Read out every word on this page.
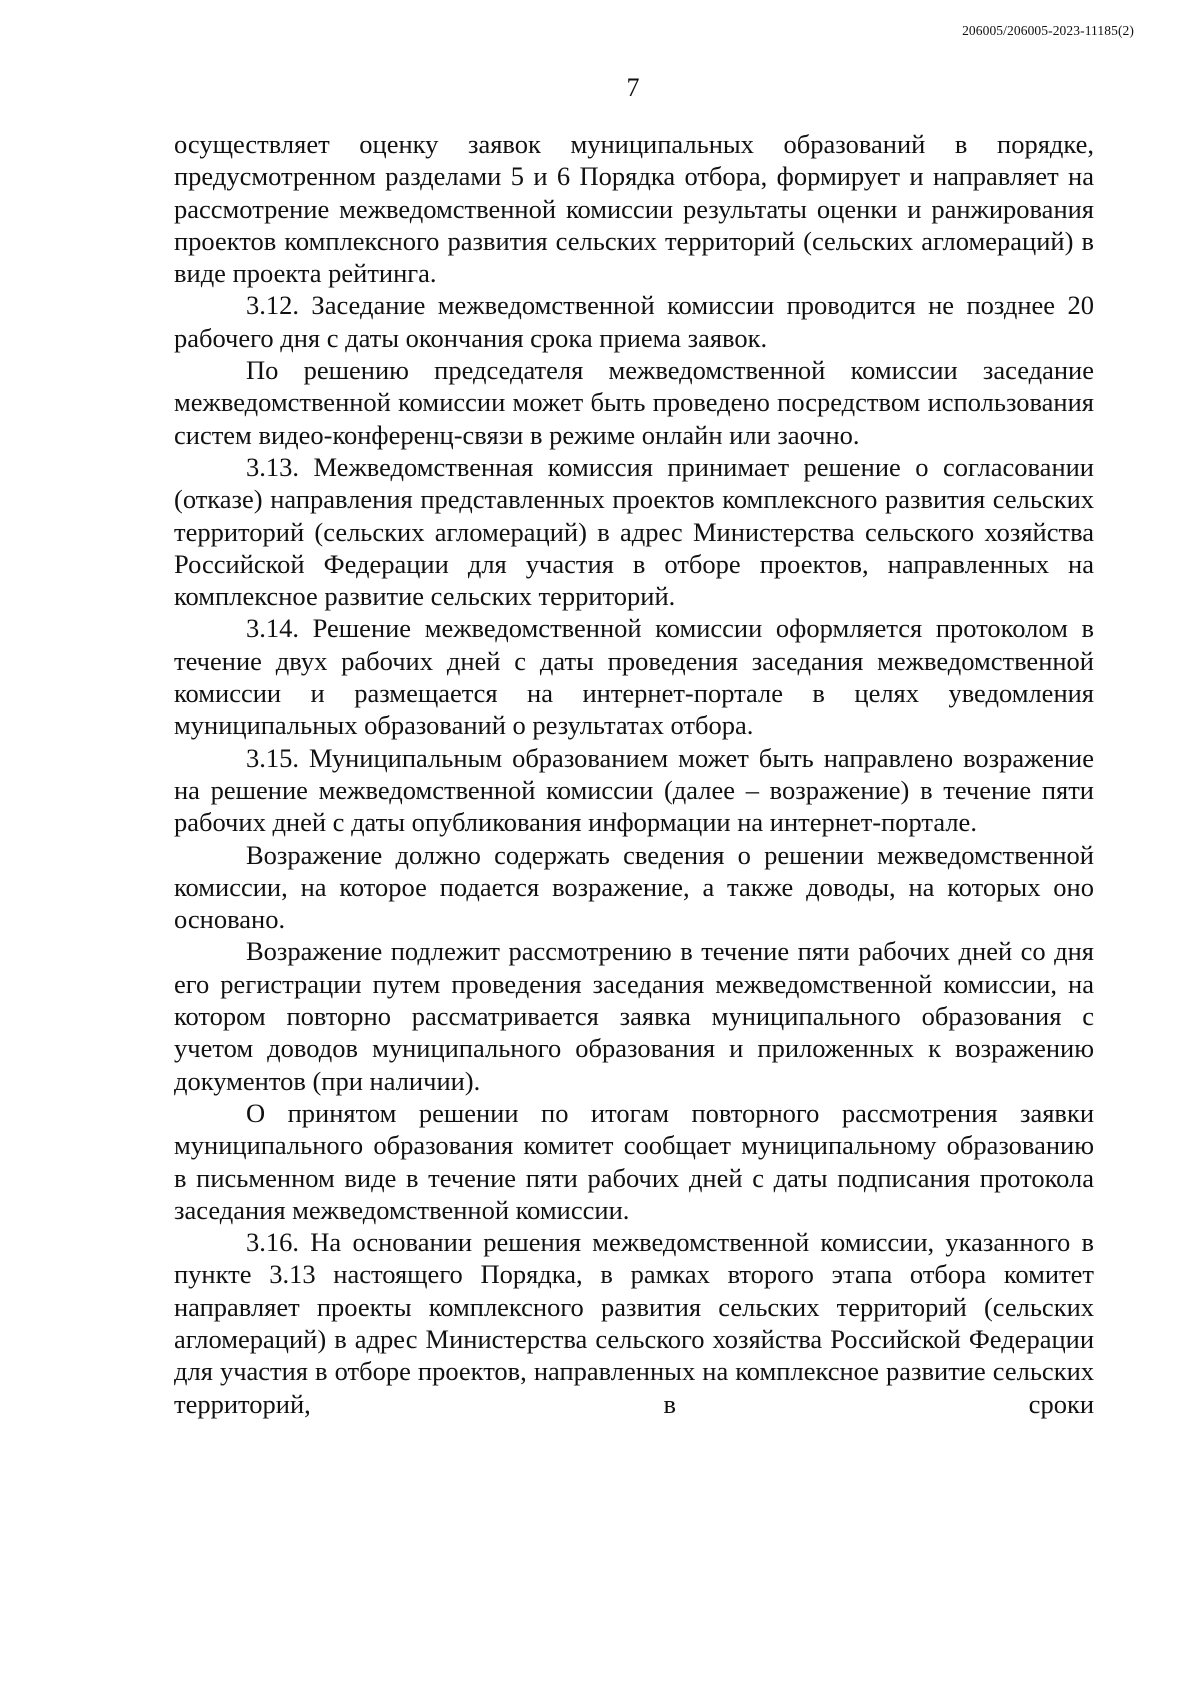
206005/206005-2023-11185(2)
7

осуществляет оценку заявок муниципальных образований в порядке, предусмотренном разделами 5 и 6 Порядка отбора, формирует и направляет на рассмотрение межведомственной комиссии результаты оценки и ранжирования проектов комплексного развития сельских территорий (сельских агломераций) в виде проекта рейтинга.

3.12. Заседание межведомственной комиссии проводится не позднее 20 рабочего дня с даты окончания срока приема заявок.

По решению председателя межведомственной комиссии заседание межведомственной комиссии может быть проведено посредством использования систем видео-конференц-связи в режиме онлайн или заочно.

3.13. Межведомственная комиссия принимает решение о согласовании (отказе) направления представленных проектов комплексного развития сельских территорий (сельских агломераций) в адрес Министерства сельского хозяйства Российской Федерации для участия в отборе проектов, направленных на комплексное развитие сельских территорий.

3.14. Решение межведомственной комиссии оформляется протоколом в течение двух рабочих дней с даты проведения заседания межведомственной комиссии и размещается на интернет-портале в целях уведомления муниципальных образований о результатах отбора.

3.15. Муниципальным образованием может быть направлено возражение на решение межведомственной комиссии (далее – возражение) в течение пяти рабочих дней с даты опубликования информации на интернет-портале.

Возражение должно содержать сведения о решении межведомственной комиссии, на которое подается возражение, а также доводы, на которых оно основано.

Возражение подлежит рассмотрению в течение пяти рабочих дней со дня его регистрации путем проведения заседания межведомственной комиссии, на котором повторно рассматривается заявка муниципального образования с учетом доводов муниципального образования и приложенных к возражению документов (при наличии).

О принятом решении по итогам повторного рассмотрения заявки муниципального образования комитет сообщает муниципальному образованию в письменном виде в течение пяти рабочих дней с даты подписания протокола заседания межведомственной комиссии.

3.16. На основании решения межведомственной комиссии, указанного в пункте 3.13 настоящего Порядка, в рамках второго этапа отбора комитет направляет проекты комплексного развития сельских территорий (сельских агломераций) в адрес Министерства сельского хозяйства Российской Федерации для участия в отборе проектов, направленных на комплексное развитие сельских территорий, в сроки
